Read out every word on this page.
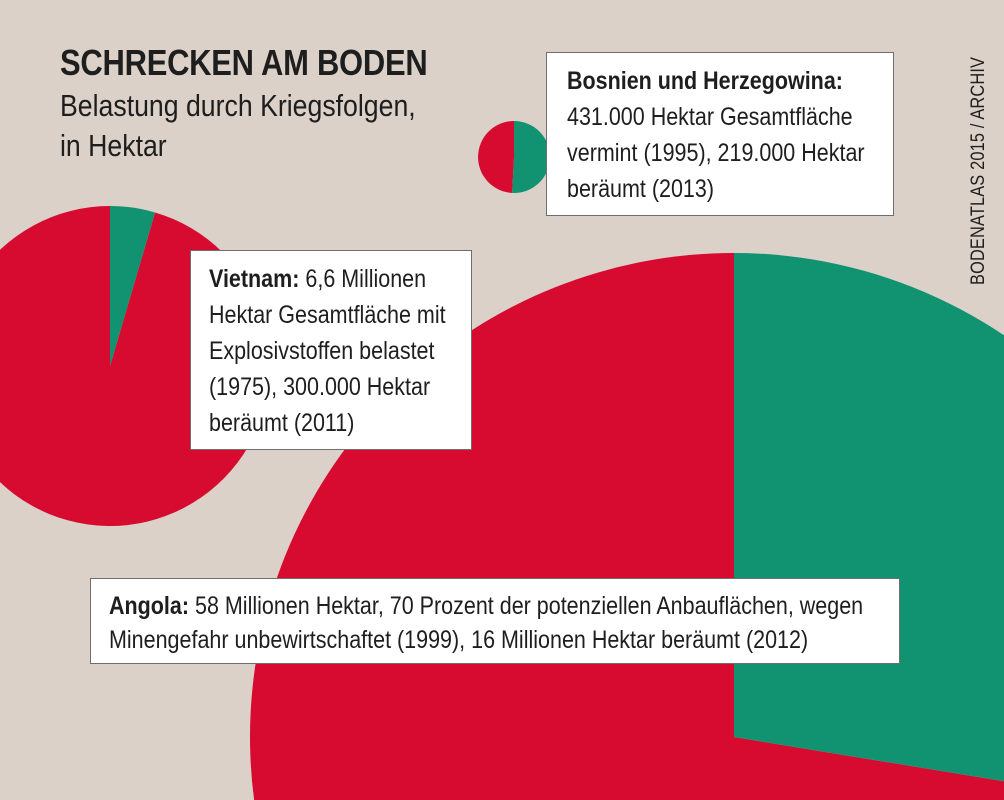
SCHRECKEN AM BODEN
Belastung durch Kriegsfolgen,
in Hektar
Bosnien und Herzegowina:
431.000 Hektar Gesamtfläche
vermint (1995), 219.000 Hektar
beräumt (2013)
Vietnam: 6,6 Millionen
Hektar Gesamtfläche mit
Explosivstoffen belastet
(1975), 300.000 Hektar
beräumt (2011)
Angola: 58 Millionen Hektar, 70 Prozent der potenziellen Anbauflächen, wegen
Minengefahr unbewirtschaftet (1999), 16 Millionen Hektar beräumt (2012)
BODENATLAS 2015 / ARCHIV
